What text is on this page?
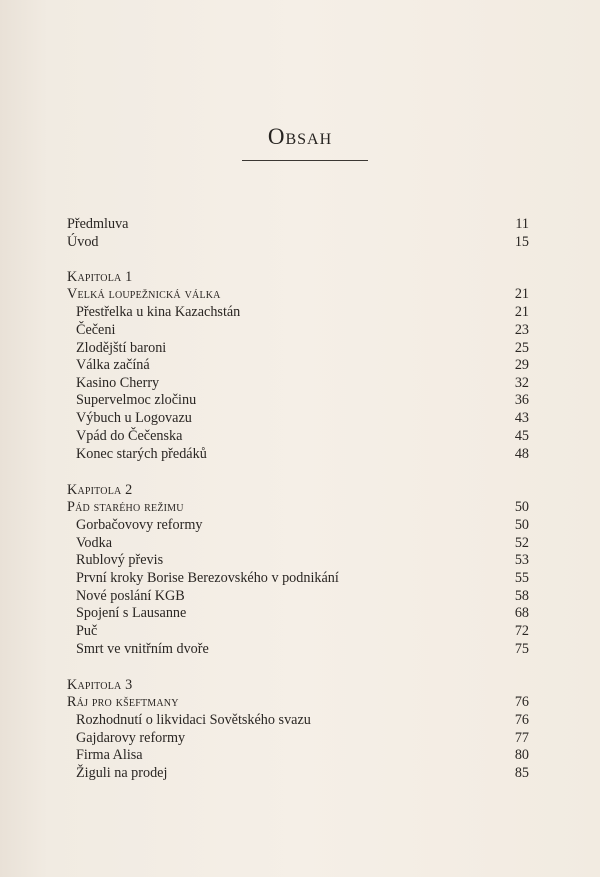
Obsah
Předmluva	11
Úvod	15
Kapitola 1
Velká loupežnická válka	21
Přestřelka u kina Kazachstán	21
Čečeni	23
Zlodějští baroni	25
Válka začíná	29
Kasino Cherry	32
Supervelmoc zločinu	36
Výbuch u Logovazu	43
Vpád do Čečenska	45
Konec starých předáků	48
Kapitola 2
Pád starého režimu	50
Gorbačovovy reformy	50
Vodka	52
Rublový převis	53
První kroky Borise Berezovského v podnikání	55
Nové poslání KGB	58
Spojení s Lausanne	68
Puč	72
Smrt ve vnitřním dvoře	75
Kapitola 3
Ráj pro kšeftmany	76
Rozhodnutí o likvidaci Sovětského svazu	76
Gajdarovy reformy	77
Firma Alisa	80
Žiguli na prodej	85
